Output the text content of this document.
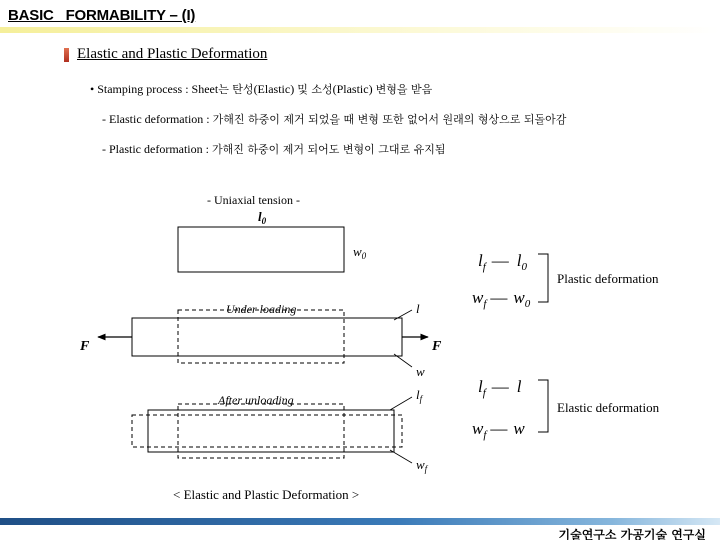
BASIC   FORMABILITY – (I)
Elastic and Plastic Deformation
• Stamping process : Sheet는 탄성(Elastic) 및 소성(Plastic) 변형을 받음
- Elastic deformation : 가해진 하중이 제거 되었을 때 변형 또한 없어서 원래의 형상으로 되돌아감
- Plastic deformation : 가해진 하중이 제거 되어도 변형이 그대로 유지됨
- Uniaxial tension -
$l_0$
$w_0$
Under loading
F	F
l
w
After unloading	$l_f$
$w_f$
$l_f$ — $l_0$
$w_f$ — $w_0$
Plastic deformation
$l_f$ — l
$w_f$ — w
Elastic deformation
< Elastic and Plastic Deformation >
기술연구소 가공기술 연구실
